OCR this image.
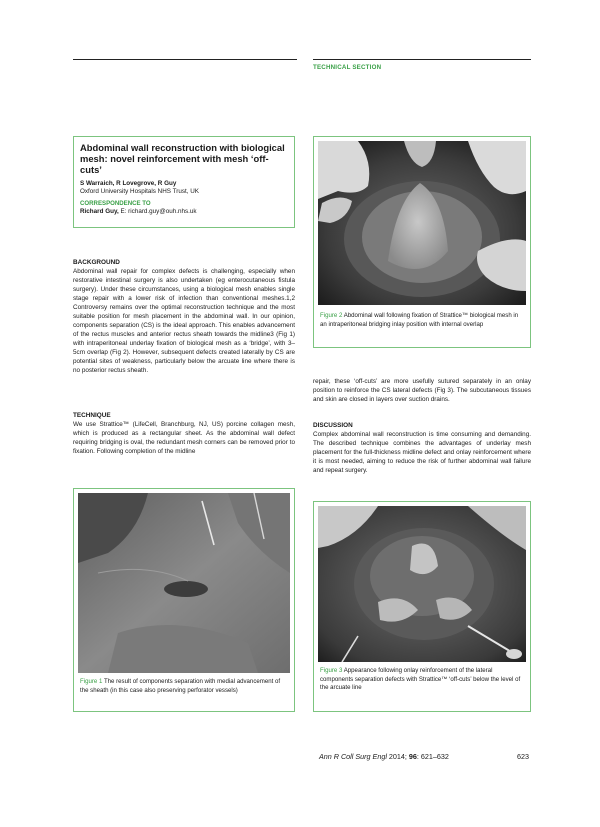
TECHNICAL SECTION
Abdominal wall reconstruction with biological mesh: novel reinforcement with mesh ‘off-cuts’
S Warraich, R Lovegrove, R Guy
Oxford University Hospitals NHS Trust, UK
CORRESPONDENCE TO
Richard Guy, E: richard.guy@ouh.nhs.uk
BACKGROUND

Abdominal wall repair for complex defects is challenging, especially when restorative intestinal surgery is also undertaken (eg enterocutaneous fistula surgery). Under these circumstances, using a biological mesh enables single stage repair with a lower risk of infection than conventional meshes.1,2 Controversy remains over the optimal reconstruction technique and the most suitable position for mesh placement in the abdominal wall. In our opinion, components separation (CS) is the ideal approach. This enables advancement of the rectus muscles and anterior rectus sheath towards the midline3 (Fig 1) with intraperitoneal underlay fixation of biological mesh as a ‘bridge’, with 3–5cm overlap (Fig 2). However, subsequent defects created laterally by CS are potential sites of weakness, particularly below the arcuate line where there is no posterior rectus sheath.

TECHNIQUE

We use Strattice™ (LifeCell, Branchburg, NJ, US) porcine collagen mesh, which is produced as a rectangular sheet. As the abdominal wall defect requiring bridging is oval, the redundant mesh corners can be removed prior to fixation. Following completion of the midline

repair, these ‘off-cuts’ are more usefully sutured separately in an onlay position to reinforce the CS lateral defects (Fig 3). The subcutaneous tissues and skin are closed in layers over suction drains.

DISCUSSION

Complex abdominal wall reconstruction is time consuming and demanding. The described technique combines the advantages of underlay mesh placement for the full-thickness midline defect and onlay reinforcement where it is most needed, aiming to reduce the risk of further abdominal wall failure and repeat surgery.

Figure 2 Abdominal wall following fixation of Strattice™ biological mesh in an intraperitoneal bridging inlay position with internal overlap
Figure 1 The result of components separation with medial advancement of the sheath (in this case also preserving perforator vessels)
Figure 3 Appearance following onlay reinforcement of the lateral components separation defects with Strattice™ ‘off-cuts’ below the level of the arcuate line
Ann R Coll Surg Engl 2014; 96: 621–632	623
